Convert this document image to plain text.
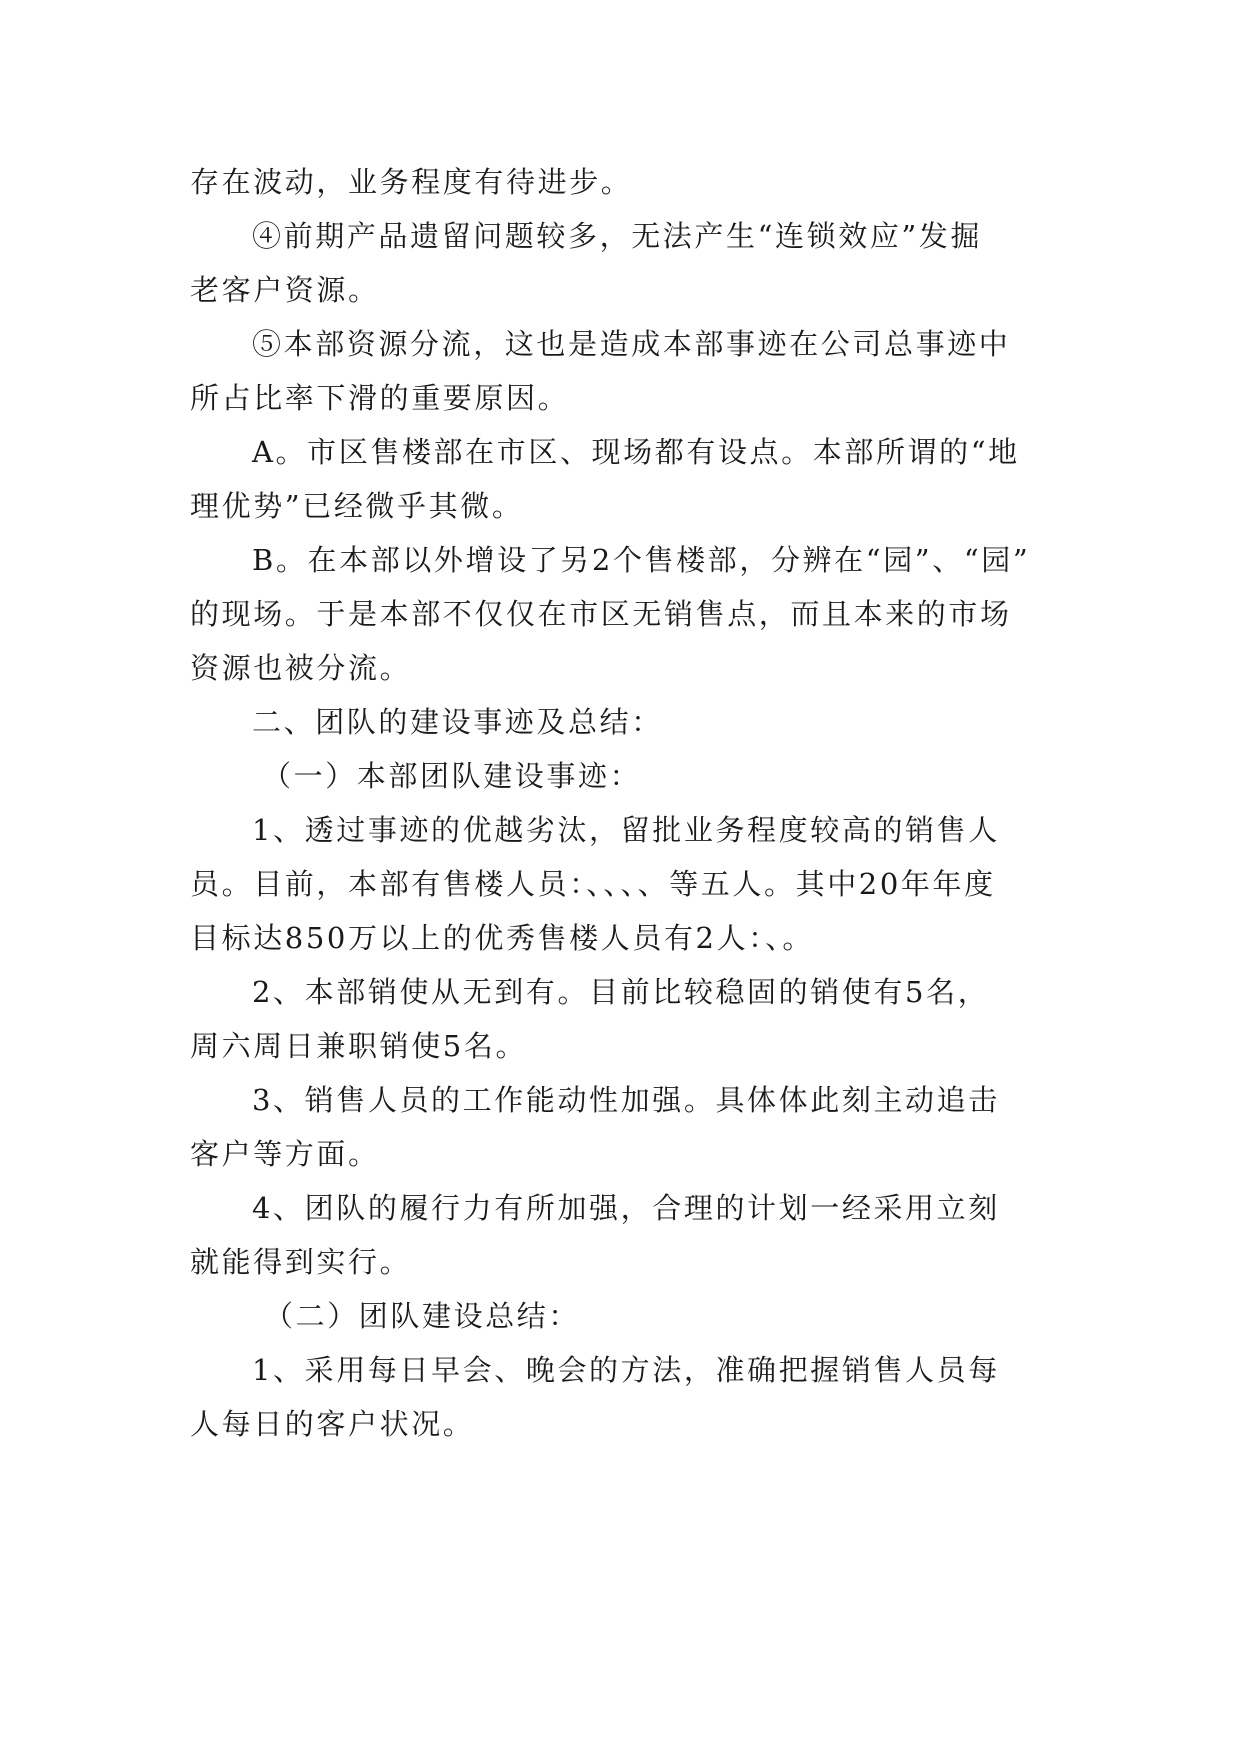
存在波动，业务程度有待进步。
④前期产品遗留问题较多，无法产生“连锁效应”发掘
老客户资源。
⑤本部资源分流，这也是造成本部事迹在公司总事迹中
所占比率下滑的重要原因。
A。市区售楼部在市区、现场都有设点。本部所谓的“地
理优势”已经微乎其微。
B。在本部以外增设了另2个售楼部，分辨在“园”、“园”
的现场。于是本部不仅仅在市区无销售点，而且本来的市场
资源也被分流。
二、团队的建设事迹及总结：
（一）本部团队建设事迹：
1、透过事迹的优越劣汰，留批业务程度较高的销售人
员。目前，本部有售楼人员：、、、、等五人。其中20年年度
目标达850万以上的优秀售楼人员有2人：、。
2、本部销使从无到有。目前比较稳固的销使有5名，
周六周日兼职销使5名。
3、销售人员的工作能动性加强。具体体此刻主动追击
客户等方面。
4、团队的履行力有所加强，合理的计划一经采用立刻
就能得到实行。
（二）团队建设总结：
1、采用每日早会、晚会的方法，准确把握销售人员每
人每日的客户状况。
